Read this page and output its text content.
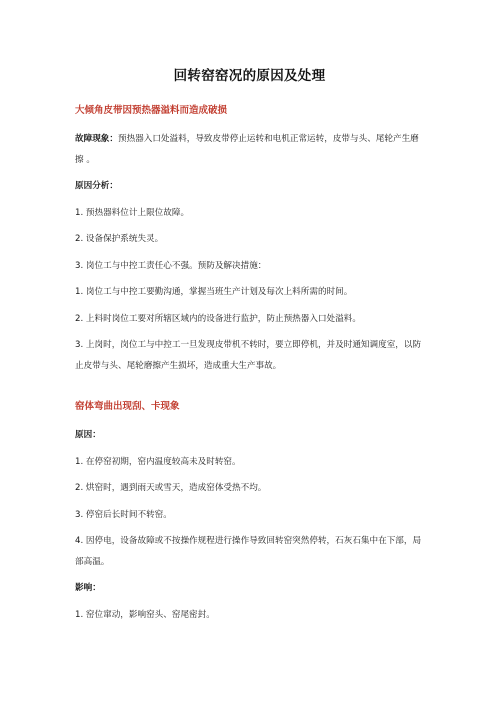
回转窑窑况的原因及处理
大倾角皮带因预热器溢料而造成破损

故障现象：预热器入口处溢料，导致皮带停止运转和电机正常运转，皮带与头、尾轮产生磨擦 。

原因分析：

1. 预热器料位计上限位故障。

2. 设备保护系统失灵。

3. 岗位工与中控工责任心不强。预防及解决措施：

1. 岗位工与中控工要勤沟通，掌握当班生产计划及每次上料所需的时间。

2. 上料时岗位工要对所辖区域内的设备进行监护，防止预热器入口处溢料。

3. 上岗时，岗位工与中控工一旦发现皮带机不转时，要立即停机，并及时通知调度室，以防止皮带与头、尾轮磨擦产生损坏，造成重大生产事故。

窑体弯曲出现刮、卡现象

原因：

1. 在停窑初期，窑内温度较高未及时转窑。

2. 烘窑时，遇到雨天或雪天，造成窑体受热不均。

3. 停窑后长时间不转窑。

4. 因停电，设备故障或不按操作规程进行操作导致回转窑突然停转，石灰石集中在下部，局部高温。

影响：

1. 窑位窜动，影响窑头、窑尾密封。
